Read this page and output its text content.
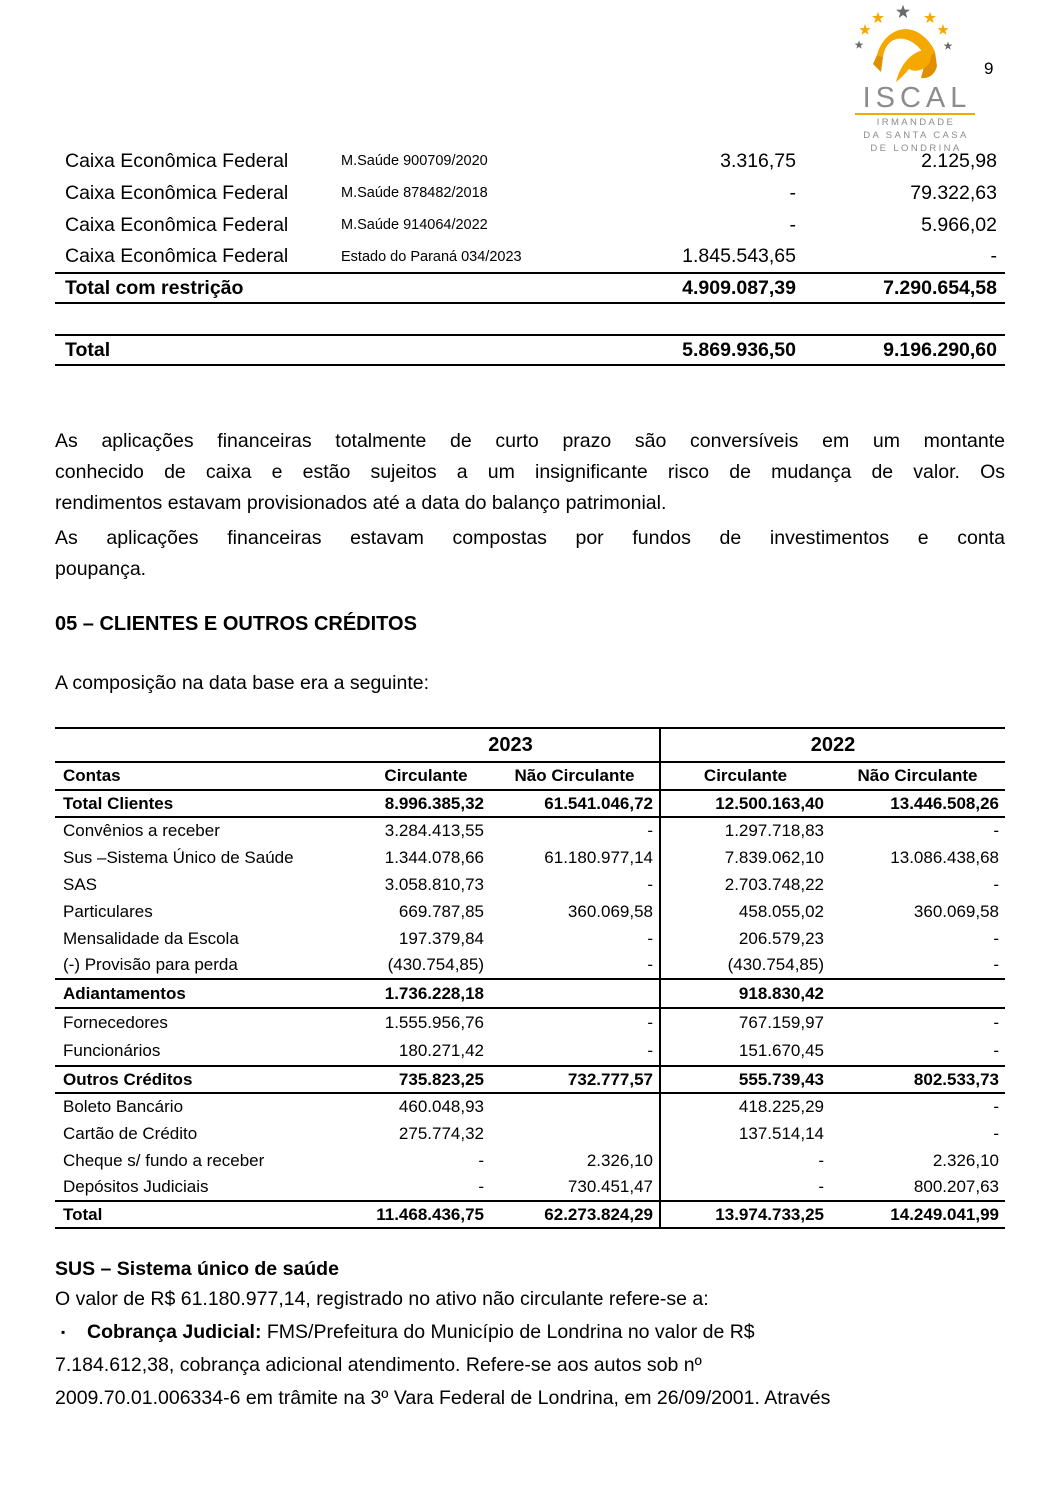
ISCAL
IRMANDADE
DA SANTA CASA
DE LONDRINA
9
Caixa Econômica Federal	M.Saúde 900709/2020	3.316,75	2.125,98
Caixa Econômica Federal	M.Saúde 878482/2018	-	79.322,63
Caixa Econômica Federal	M.Saúde 914064/2022	-	5.966,02
Caixa Econômica Federal	Estado do Paraná 034/2023	1.845.543,65	-
Total com restrição		4.909.087,39	7.290.654,58

Total		5.869.936,50	9.196.290,60
As aplicações financeiras totalmente de curto prazo são conversíveis em um montante
conhecido de caixa e estão sujeitos a um insignificante risco de mudança de valor. Os
rendimentos estavam provisionados até a data do balanço patrimonial.
As aplicações financeiras estavam compostas por fundos de investimentos e conta
poupança.
05 – CLIENTES E OUTROS CRÉDITOS
A composição na data base era a seguinte:
	2023		2022	
Contas	Circulante	Não Circulante	Circulante	Não Circulante
Total Clientes	8.996.385,32	61.541.046,72	12.500.163,40	13.446.508,26
Convênios a receber	3.284.413,55	-	1.297.718,83	-
Sus –Sistema Único de Saúde	1.344.078,66	61.180.977,14	7.839.062,10	13.086.438,68
SAS	3.058.810,73	-	2.703.748,22	-
Particulares	669.787,85	360.069,58	458.055,02	360.069,58
Mensalidade da Escola	197.379,84	-	206.579,23	-
(-) Provisão para perda	(430.754,85)	-	(430.754,85)	-
Adiantamentos	1.736.228,18		918.830,42	
Fornecedores	1.555.956,76	-	767.159,97	-
Funcionários	180.271,42	-	151.670,45	-
Outros Créditos	735.823,25	732.777,57	555.739,43	802.533,73
Boleto Bancário	460.048,93		418.225,29	-
Cartão de Crédito	275.774,32		137.514,14	-
Cheque s/ fundo a receber	-	2.326,10	-	2.326,10
Depósitos Judiciais	-	730.451,47	-	800.207,63
Total	11.468.436,75	62.273.824,29	13.974.733,25	14.249.041,99
SUS – Sistema único de saúde
O valor de R$ 61.180.977,14, registrado no ativo não circulante refere-se a:
▪ Cobrança Judicial: FMS/Prefeitura do Município de Londrina no valor de R$
7.184.612,38, cobrança adicional atendimento. Refere-se aos autos sob nº
2009.70.01.006334-6 em trâmite na 3º Vara Federal de Londrina, em 26/09/2001. Através
